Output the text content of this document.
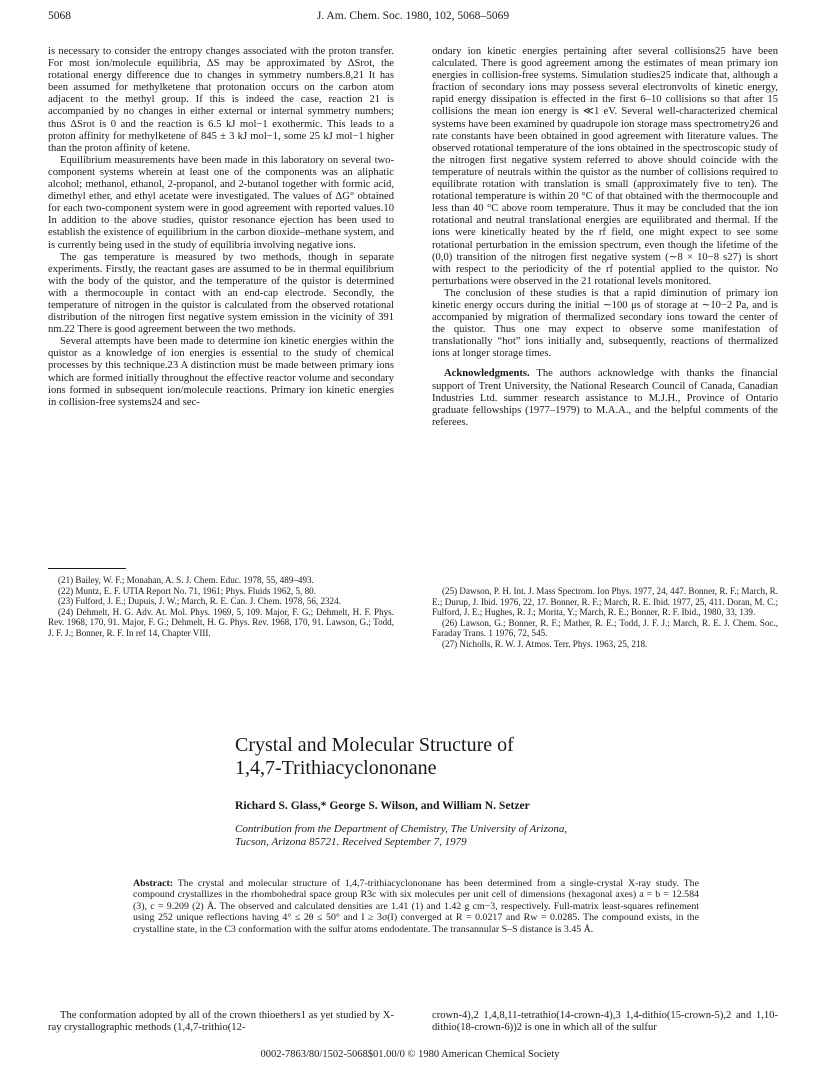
5068	J. Am. Chem. Soc. 1980, 102, 5068–5069

is necessary to consider the entropy changes associated with the proton transfer. For most ion/molecule equilibria, ΔS may be approximated by ΔSrot, the rotational energy difference due to changes in symmetry numbers.8,21 It has been assumed for methylketene that protonation occurs on the carbon atom adjacent to the methyl group. If this is indeed the case, reaction 21 is accompanied by no changes in either external or internal symmetry numbers; thus ΔSrot is 0 and the reaction is 6.5 kJ mol−1 exothermic. This leads to a proton affinity for methylketene of 845 ± 3 kJ mol−1, some 25 kJ mol−1 higher than the proton affinity of ketene.

Equilibrium measurements have been made in this laboratory on several two-component systems wherein at least one of the components was an aliphatic alcohol; methanol, ethanol, 2-propanol, and 2-butanol together with formic acid, dimethyl ether, and ethyl acetate were investigated. The values of ΔG° obtained for each two-component system were in good agreement with reported values.10 In addition to the above studies, quistor resonance ejection has been used to establish the existence of equilibrium in the carbon dioxide–methane system, and is currently being used in the study of equilibria involving negative ions.

The gas temperature is measured by two methods, though in separate experiments. Firstly, the reactant gases are assumed to be in thermal equilibrium with the body of the quistor, and the temperature of the quistor is determined with a thermocouple in contact with an end-cap electrode. Secondly, the temperature of nitrogen in the quistor is calculated from the observed rotational distribution of the nitrogen first negative system emission in the vicinity of 391 nm.22 There is good agreement between the two methods.

Several attempts have been made to determine ion kinetic energies within the quistor as a knowledge of ion energies is essential to the study of chemical processes by this technique.23 A distinction must be made between primary ions which are formed initially throughout the effective reactor volume and secondary ions formed in subsequent ion/molecule reactions. Primary ion kinetic energies in collision-free systems24 and sec-

ondary ion kinetic energies pertaining after several collisions25 have been calculated. There is good agreement among the estimates of mean primary ion energies in collision-free systems. Simulation studies25 indicate that, although a fraction of secondary ions may possess several electronvolts of kinetic energy, rapid energy dissipation is effected in the first 6–10 collisions so that after 15 collisions the mean ion energy is ≪1 eV. Several well-characterized chemical systems have been examined by quadrupole ion storage mass spectrometry26 and rate constants have been obtained in good agreement with literature values. The observed rotational temperature of the ions obtained in the spectroscopic study of the nitrogen first negative system referred to above should coincide with the temperature of neutrals within the quistor as the number of collisions required to equilibrate rotation with translation is small (approximately five to ten). The rotational temperature is within 20 °C of that obtained with the thermocouple and less than 40 °C above room temperature. Thus it may be concluded that the ion rotational and neutral translational energies are equilibrated and thermal. If the ions were kinetically heated by the rf field, one might expect to see some rotational perturbation in the emission spectrum, even though the lifetime of the (0,0) transition of the nitrogen first negative system (∼8 × 10−8 s27) is short with respect to the periodicity of the rf potential applied to the quistor. No perturbations were observed in the 21 rotational levels monitored.

The conclusion of these studies is that a rapid diminution of primary ion kinetic energy occurs during the initial ∼100 μs of storage at ∼10−2 Pa, and is accompanied by migration of thermalized secondary ions toward the center of the quistor. Thus one may expect to observe some manifestation of translationally “hot” ions initially and, subsequently, reactions of thermalized ions at longer storage times.

Acknowledgments. The authors acknowledge with thanks the financial support of Trent University, the National Research Council of Canada, Canadian Industries Ltd. summer research assistance to M.J.H., Province of Ontario graduate fellowships (1977–1979) to M.A.A., and the helpful comments of the referees.

(21) Bailey, W. F.; Monahan, A. S. J. Chem. Educ. 1978, 55, 489–493.

(22) Muntz, E. F. UTIA Report No. 71, 1961; Phys. Fluids 1962, 5, 80.

(23) Fulford, J. E.; Dupuis, J. W.; March, R. E. Can. J. Chem. 1978, 56, 2324.

(24) Dehmelt, H. G. Adv. At. Mol. Phys. 1969, 5, 109. Major, F. G.; Dehmelt, H. F. Phys. Rev. 1968, 170, 91. Major, F. G.; Dehmelt, H. G. Phys. Rev. 1968, 170, 91. Lawson, G.; Todd, J. F. J.; Bonner, R. F. In ref 14, Chapter VIII.

(25) Dawson, P. H. Int. J. Mass Spectrom. Ion Phys. 1977, 24, 447. Bonner, R. F.; March, R. E.; Durup, J. Ibid. 1976, 22, 17. Bonner, R. F.; March, R. E. Ibid. 1977, 25, 411. Doran, M. C.; Fulford, J. E.; Hughes, R. J.; Morita, Y.; March, R. E.; Bonner, R. F. Ibid., 1980, 33, 139.

(26) Lawson, G.; Bonner, R. F.; Mather, R. E.; Todd, J. F. J.; March, R. E. J. Chem. Soc., Faraday Trans. 1 1976, 72, 545.

(27) Nicholls, R. W. J. Atmos. Terr. Phys. 1963, 25, 218.

Crystal and Molecular Structure of
1,4,7-Trithiacyclononane
Richard S. Glass,* George S. Wilson, and William N. Setzer
Contribution from the Department of Chemistry, The University of Arizona,
Tucson, Arizona 85721. Received September 7, 1979
Abstract: The crystal and molecular structure of 1,4,7-trithiacyclononane has been determined from a single-crystal X-ray study. The compound crystallizes in the rhombohedral space group R3c with six molecules per unit cell of dimensions (hexagonal axes) a = b = 12.584 (3), c = 9.209 (2) Å. The observed and calculated densities are 1.41 (1) and 1.42 g cm−3, respectively. Full-matrix least-squares refinement using 252 unique reflections having 4° ≤ 2θ ≤ 50° and I ≥ 3σ(I) converged at R = 0.0217 and Rw = 0.0285. The compound exists, in the crystalline state, in the C3 conformation with the sulfur atoms endodentate. The transannular S–S distance is 3.45 Å.

The conformation adopted by all of the crown thioethers1 as yet studied by X-ray crystallographic methods (1,4,7-trithio(12-

crown-4),2 1,4,8,11-tetrathio(14-crown-4),3 1,4-dithio(15-crown-5),2 and 1,10-dithio(18-crown-6))2 is one in which all of the sulfur

0002-7863/80/1502-5068$01.00/0 © 1980 American Chemical Society
